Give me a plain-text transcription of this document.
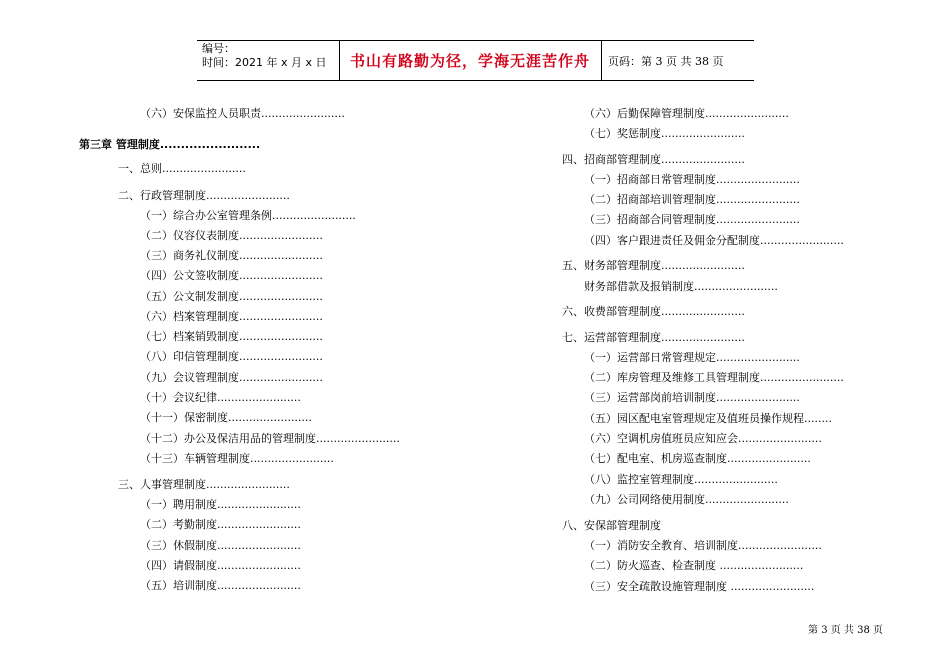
编号：
时间：2021 年 x 月 x 日	书山有路勤为径，学海无涯苦作舟	页码：第 3 页 共 38 页
（六）安保监控人员职责........................
第三章 管理制度........................
一、总则........................
二、行政管理制度........................
（一）综合办公室管理条例........................
（二）仪容仪表制度........................
（三）商务礼仪制度........................
（四）公文签收制度........................
（五）公文制发制度........................
（六）档案管理制度........................
（七）档案销毁制度........................
（八）印信管理制度........................
（九）会议管理制度........................
（十）会议纪律........................
（十一）保密制度........................
（十二）办公及保洁用品的管理制度........................
（十三）车辆管理制度........................
三、人事管理制度........................
（一）聘用制度........................
（二）考勤制度........................
（三）休假制度........................
（四）请假制度........................
（五）培训制度........................
（六）后勤保障管理制度........................
（七）奖惩制度........................
四、招商部管理制度........................
（一）招商部日常管理制度........................
（二）招商部培训管理制度........................
（三）招商部合同管理制度........................
（四）客户跟进责任及佣金分配制度........................
五、财务部管理制度........................
财务部借款及报销制度........................
六、收费部管理制度........................
七、运营部管理制度........................
（一）运营部日常管理规定........................
（二）库房管理及维修工具管理制度........................
（三）运营部岗前培训制度........................
（五）园区配电室管理规定及值班员操作规程........
（六）空调机房值班员应知应会........................
（七）配电室、机房巡查制度........................
（八）监控室管理制度........................
（九）公司网络使用制度........................
八、安保部管理制度
（一）消防安全教育、培训制度........................
（二）防火巡查、检查制度 ........................
（三）安全疏散设施管理制度 ........................
第 3 页 共 38 页
